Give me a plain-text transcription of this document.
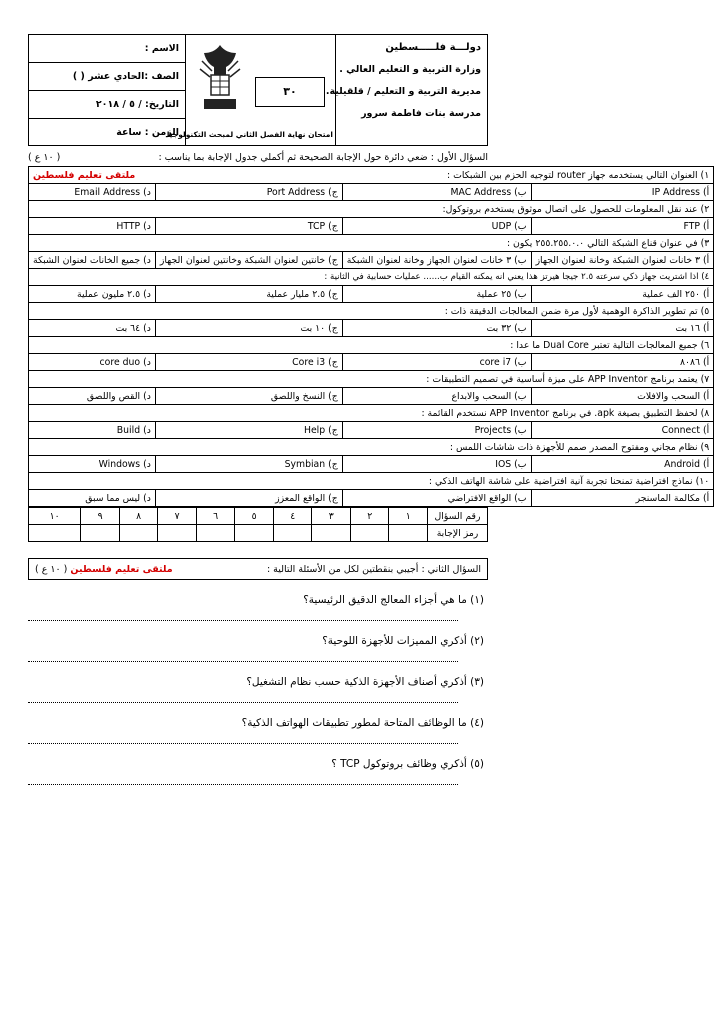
دولـــة فلـــــسطين
وزارة التربية و التعليم العالي .
مديرية التربية و التعليم / قلقيلية.
مدرسة بنات فاطمة سرور
٣٠
امتحان نهاية الفصل الثاني لمبحث التكنولوجيا
الاسم :
الصف :الحادي عشر ( )
التاريخ: / ٥ / ٢٠١٨
الزمن : ساعة
السؤال الأول : ضعي دائرة حول الإجابة الصحيحة ثم أكملي جدول الإجابة بما يناسب :
( ١٠ ع )
١) العنوان التالي يستخدمه جهاز router لتوجيه الحزم بين الشبكات :
ملتقى تعليم فلسطين			

أ) IP Address	ب) MAC Address	ج) Port Address	د) Email Address
٢) عند نقل المعلومات للحصول على اتصال موثوق يستخدم بروتوكول:			
أ) FTP	ب) UDP	ج) TCP	د) HTTP
٣) في عنوان قناع الشبكة التالي ٢٥٥.٢٥٥.٠.٠ يكون :			
أ) ٣ خانات لعنوان الشبكة وخانة لعنوان الجهاز	ب) ٣ خانات لعنوان الجهاز وخانة لعنوان الشبكة	ج) خانتين لعنوان الشبكة وخانتين لعنوان الجهاز	د) جميع الخانات لعنوان الشبكة
٤) اذا اشتريت جهاز ذكي سرعته ٢.٥ جيجا هيرتز هذا يعني انه يمكنه القيام ب...... عمليات حسابية في الثانية :			
أ) ٢٥٠ الف عملية	ب) ٢٥ عملية	ج) ٢.٥ مليار عملية	د) ٢.٥ مليون عملية
٥) تم تطوير الذاكرة الوهمية لأول مرة ضمن المعالجات الدقيقة ذات :			
أ) ١٦ بت	ب) ٣٢ بت	ج) ١٠ بت	د) ٦٤ بت
٦) جميع المعالجات التالية تعتبر Dual Core ما عدا :			
أ) ٨٠٨٦	ب) core i7	ج) Core i3	د) core duo
٧) يعتمد برنامج APP Inventor على ميزة أساسية في تصميم التطبيقات :			
أ) السحب والافلات	ب) السحب والابداع	ج) النسخ واللصق	د) القص واللصق
٨) لحفظ التطبيق بصيغة apk. في برنامج APP Inventor نستخدم القائمة :			
أ) Connect	ب) Projects	ج) Help	د) Build
٩) نظام مجاني ومفتوح المصدر صمم للأجهزة ذات شاشات اللمس :			
أ) Android	ب) IOS	ج) Symbian	د) Windows
١٠) نماذج افتراضية تمنحنا تجربة آنية افتراضية على شاشة الهاتف الذكي :			
أ) مكالمة الماسنجر	ب) الواقع الافتراضي	ج) الواقع المعزز	د) ليس مما سبق
رقم السؤال	١	٢	٣	٤	٥	٦	٧	٨	٩	١٠
رمز الإجابة										
السؤال الثاني : أجيبي بنقطتين لكل من الأسئلة التالية :
ملتقى تعليم فلسطين ( ١٠ ع )
(١) ما هي أجزاء المعالج الدقيق الرئيسية؟
(٢) أذكري المميزات للأجهزة اللوحية؟
(٣) أذكري أصناف الأجهزة الذكية حسب نظام التشغيل؟
(٤) ما الوظائف المتاحة لمطور تطبيقات الهواتف الذكية؟
(٥) أذكري وظائف بروتوكول TCP ؟
